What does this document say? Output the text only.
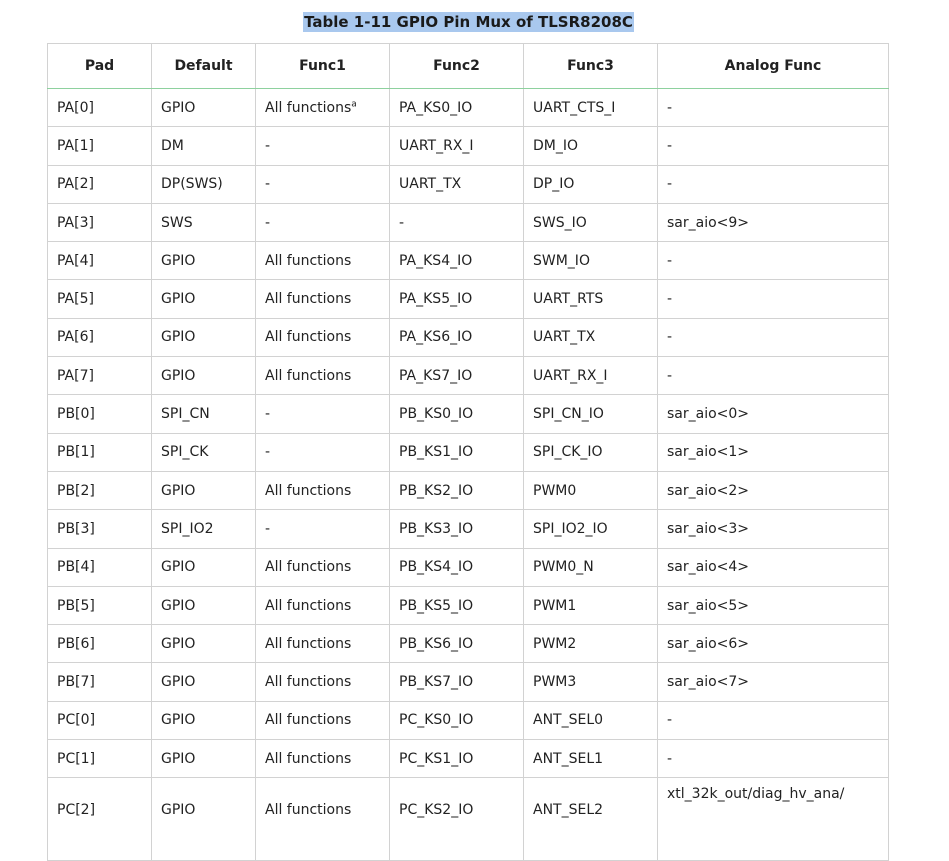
Table 1-11 GPIO Pin Mux of TLSR8208C
Pad	Default	Func1	Func2	Func3	Analog Func
PA[0]	GPIO	All functions$^a$	PA_KS0_IO	UART_CTS_I	-
PA[1]	DM	-	UART_RX_I	DM_IO	-
PA[2]	DP(SWS)	-	UART_TX	DP_IO	-
PA[3]	SWS	-	-	SWS_IO	sar_aio<9>
PA[4]	GPIO	All functions	PA_KS4_IO	SWM_IO	-
PA[5]	GPIO	All functions	PA_KS5_IO	UART_RTS	-
PA[6]	GPIO	All functions	PA_KS6_IO	UART_TX	-
PA[7]	GPIO	All functions	PA_KS7_IO	UART_RX_I	-
PB[0]	SPI_CN	-	PB_KS0_IO	SPI_CN_IO	sar_aio<0>
PB[1]	SPI_CK	-	PB_KS1_IO	SPI_CK_IO	sar_aio<1>
PB[2]	GPIO	All functions	PB_KS2_IO	PWM0	sar_aio<2>
PB[3]	SPI_IO2	-	PB_KS3_IO	SPI_IO2_IO	sar_aio<3>
PB[4]	GPIO	All functions	PB_KS4_IO	PWM0_N	sar_aio<4>
PB[5]	GPIO	All functions	PB_KS5_IO	PWM1	sar_aio<5>
PB[6]	GPIO	All functions	PB_KS6_IO	PWM2	sar_aio<6>
PB[7]	GPIO	All functions	PB_KS7_IO	PWM3	sar_aio<7>
PC[0]	GPIO	All functions	PC_KS0_IO	ANT_SEL0	-
PC[1]	GPIO	All functions	PC_KS1_IO	ANT_SEL1	-
PC[2]	GPIO	All functions	PC_KS2_IO	ANT_SEL2	xtl_32k_out/diag_hv_ana/
